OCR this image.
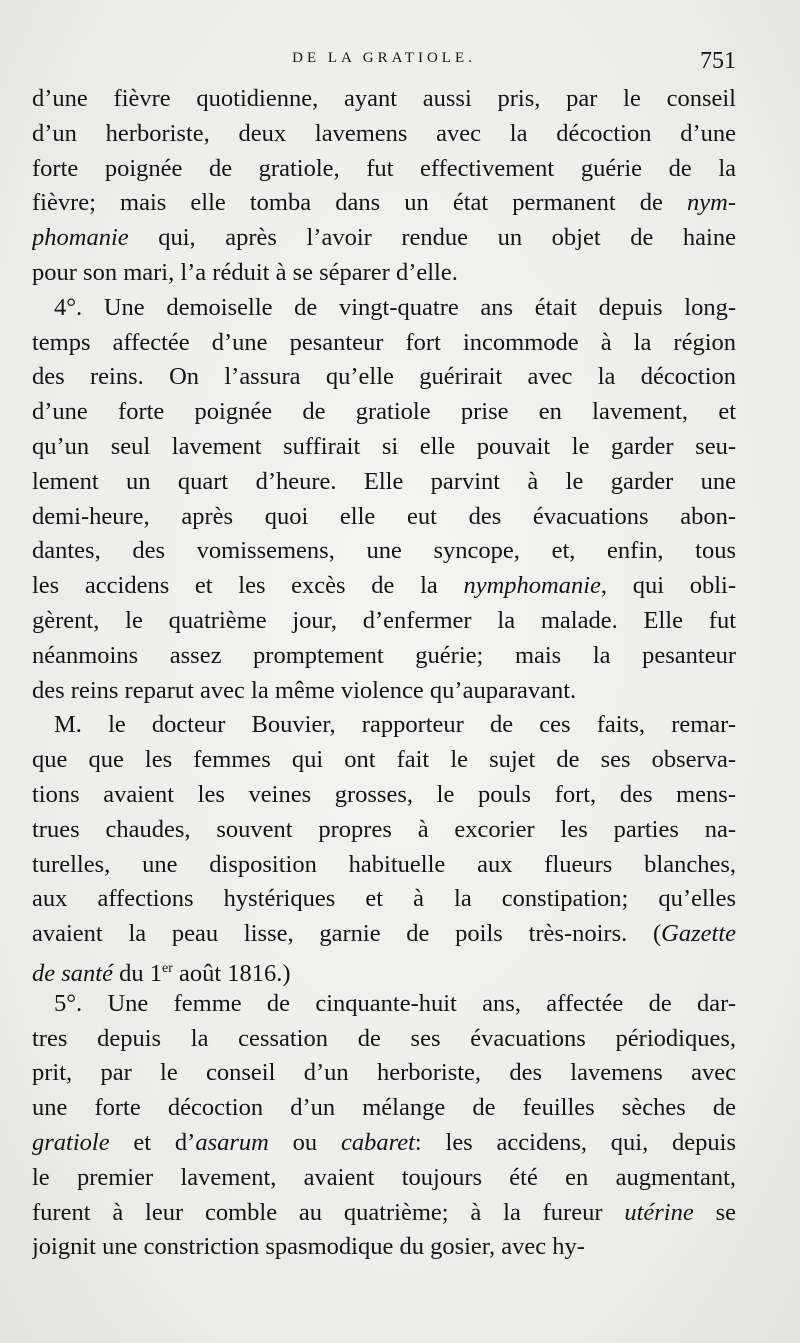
DE LA GRATIOLE.	751
d’une fièvre quotidienne, ayant aussi pris, par le conseil
d’un herboriste, deux lavemens avec la décoction d’une
forte poignée de gratiole, fut effectivement guérie de la
fièvre; mais elle tomba dans un état permanent de nym-
phomanie qui, après l’avoir rendue un objet de haine
pour son mari, l’a réduit à se séparer d’elle.
4°. Une demoiselle de vingt-quatre ans était depuis long-
temps affectée d’une pesanteur fort incommode à la région
des reins. On l’assura qu’elle guérirait avec la décoction
d’une forte poignée de gratiole prise en lavement, et
qu’un seul lavement suffirait si elle pouvait le garder seu-
lement un quart d’heure. Elle parvint à le garder une
demi-heure, après quoi elle eut des évacuations abon-
dantes, des vomissemens, une syncope, et, enfin, tous
les accidens et les excès de la nymphomanie, qui obli-
gèrent, le quatrième jour, d’enfermer la malade. Elle fut
néanmoins assez promptement guérie; mais la pesanteur
des reins reparut avec la même violence qu’auparavant.
M. le docteur Bouvier, rapporteur de ces faits, remar-
que que les femmes qui ont fait le sujet de ses observa-
tions avaient les veines grosses, le pouls fort, des mens-
trues chaudes, souvent propres à excorier les parties na-
turelles, une disposition habituelle aux flueurs blanches,
aux affections hystériques et à la constipation; qu’elles
avaient la peau lisse, garnie de poils très-noirs. (Gazette
de santé du 1er août 1816.)
5°. Une femme de cinquante-huit ans, affectée de dar-
tres depuis la cessation de ses évacuations périodiques,
prit, par le conseil d’un herboriste, des lavemens avec
une forte décoction d’un mélange de feuilles sèches de
gratiole et d’asarum ou cabaret: les accidens, qui, depuis
le premier lavement, avaient toujours été en augmentant,
furent à leur comble au quatrième; à la fureur utérine se
joignit une constriction spasmodique du gosier, avec hy-
